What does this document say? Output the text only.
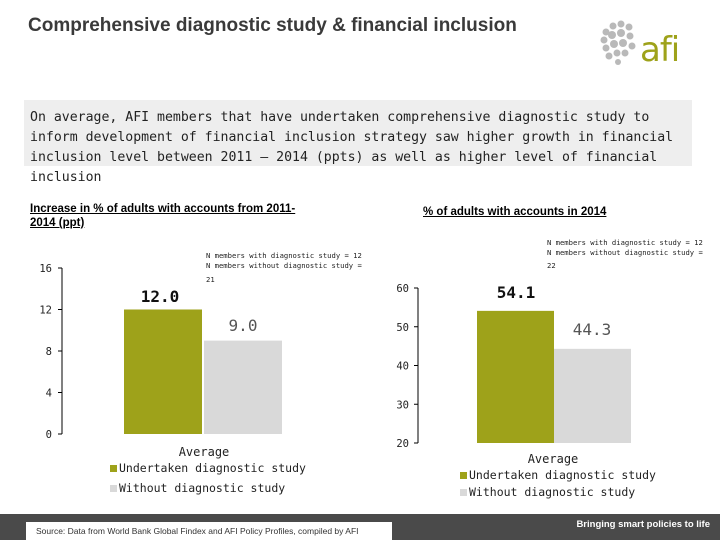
Comprehensive diagnostic study & financial inclusion
afi
On average, AFI members that have undertaken comprehensive diagnostic study to inform development of financial inclusion strategy saw higher growth in financial inclusion level between 2011 – 2014 (ppts) as well as higher level of financial inclusion
Increase in % of adults with accounts from 2011-2014 (ppt)
% of adults with accounts in 2014
0
4
8
12
16
12.0
9.0
Average
N members with diagnostic study = 12
N members without diagnostic study =
21
Undertaken diagnostic study
Without diagnostic study
20
30
40
50
60	54.1
44.3
Average
N members with diagnostic study = 12
N members without diagnostic study =
22
Undertaken diagnostic study
Without diagnostic study
Source: Data from World Bank Global Findex and AFI Policy Profiles, compiled by AFI
Bringing smart policies to life
